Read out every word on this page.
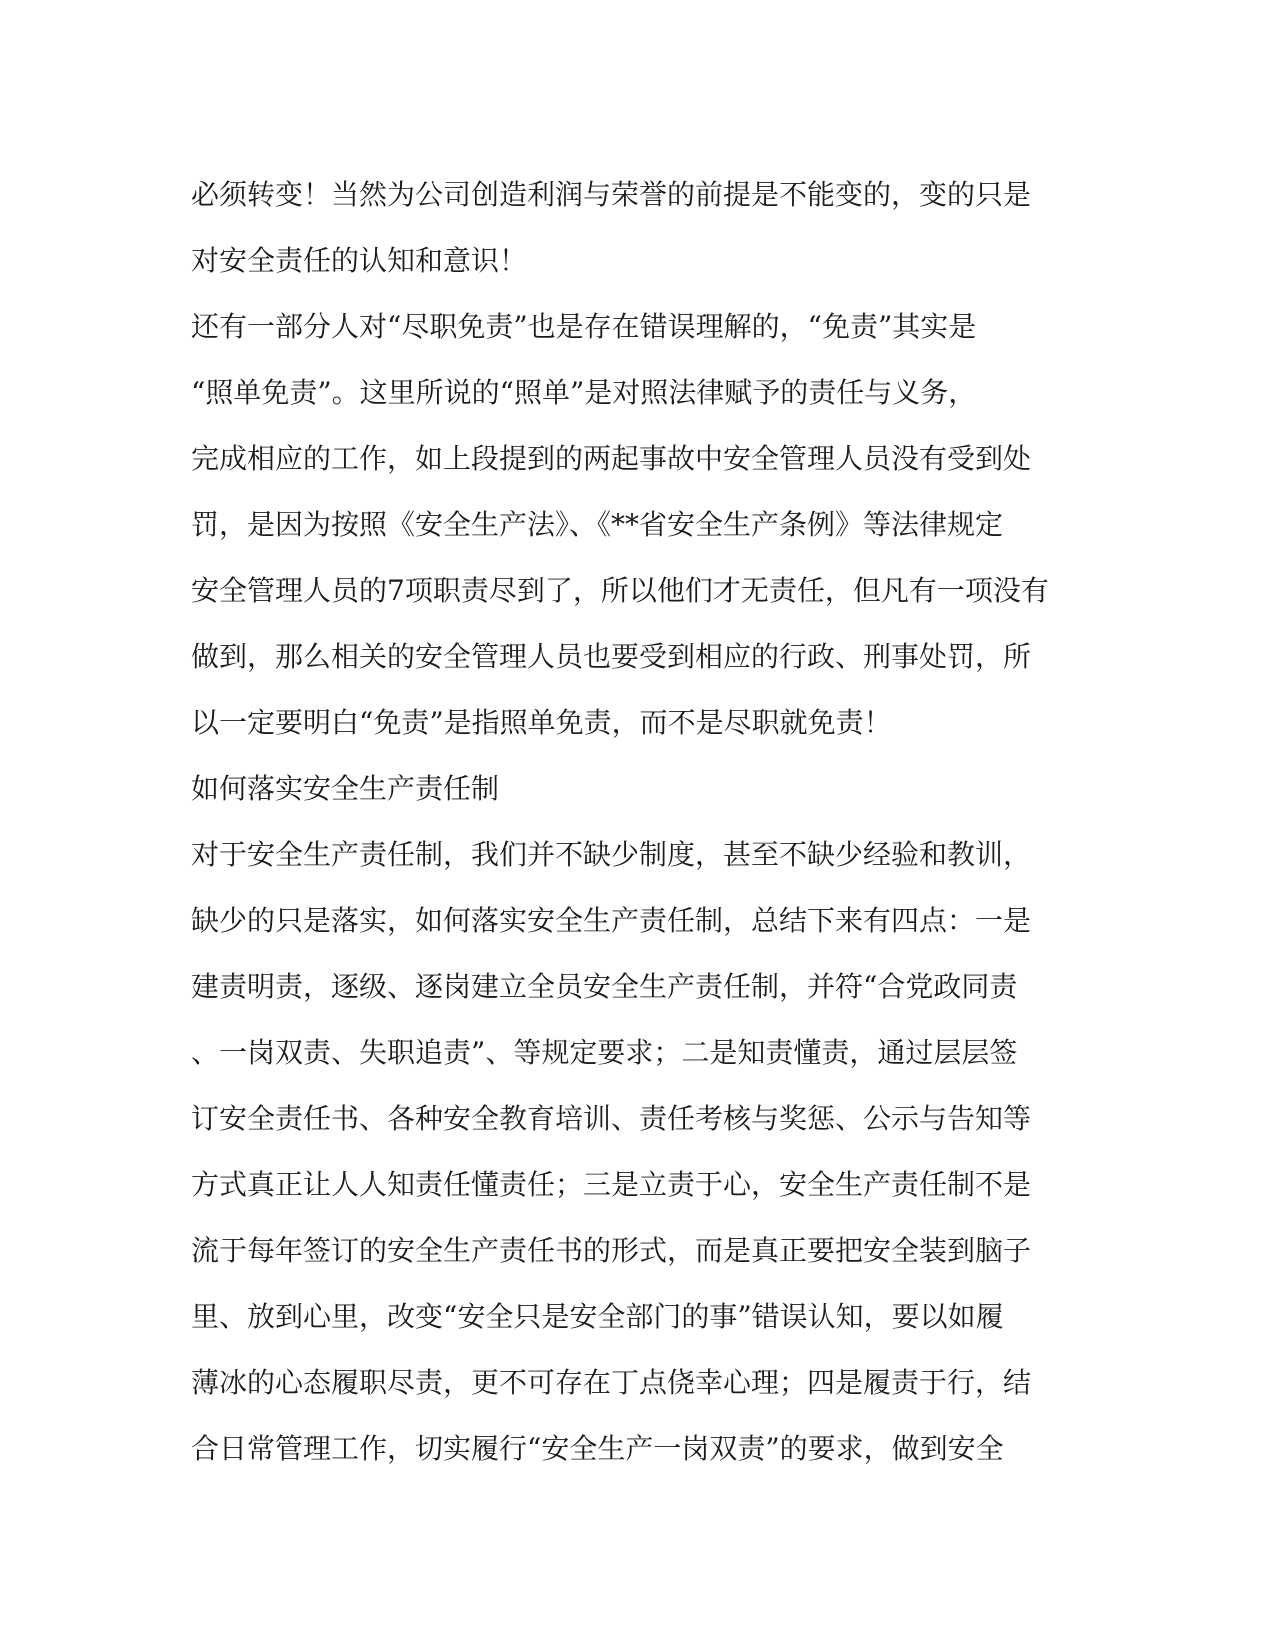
必须转变！当然为公司创造利润与荣誉的前提是不能变的，变的只是
对安全责任的认知和意识！
还有一部分人对“尽职免责”也是存在错误理解的，“免责”其实是
“照单免责”。这里所说的“照单”是对照法律赋予的责任与义务，
完成相应的工作，如上段提到的两起事故中安全管理人员没有受到处
罚，是因为按照《安全生产法》、《**省安全生产条例》等法律规定
安全管理人员的7项职责尽到了，所以他们才无责任，但凡有一项没有
做到，那么相关的安全管理人员也要受到相应的行政、刑事处罚，所
以一定要明白“免责”是指照单免责，而不是尽职就免责！
如何落实安全生产责任制
对于安全生产责任制，我们并不缺少制度，甚至不缺少经验和教训，
缺少的只是落实，如何落实安全生产责任制，总结下来有四点：一是
建责明责，逐级、逐岗建立全员安全生产责任制，并符“合党政同责
、一岗双责、失职追责”、等规定要求；二是知责懂责，通过层层签
订安全责任书、各种安全教育培训、责任考核与奖惩、公示与告知等
方式真正让人人知责任懂责任；三是立责于心，安全生产责任制不是
流于每年签订的安全生产责任书的形式，而是真正要把安全装到脑子
里、放到心里，改变“安全只是安全部门的事”错误认知，要以如履
薄冰的心态履职尽责，更不可存在丁点侥幸心理；四是履责于行，结
合日常管理工作，切实履行“安全生产一岗双责”的要求，做到安全
